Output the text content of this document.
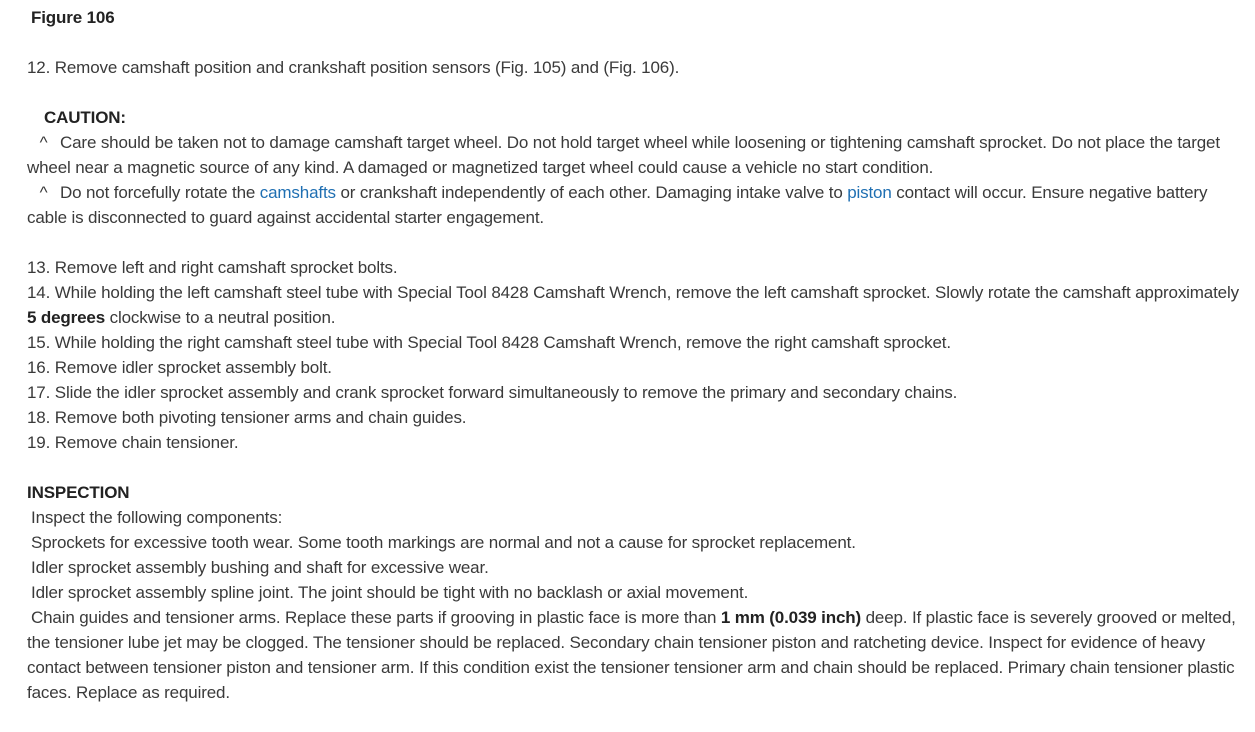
Figure 106

12. Remove camshaft position and crankshaft position sensors (Fig. 105) and (Fig. 106).

CAUTION:

^ Care should be taken not to damage camshaft target wheel. Do not hold target wheel while loosening or tightening camshaft sprocket. Do not place the target wheel near a magnetic source of any kind. A damaged or magnetized target wheel could cause a vehicle no start condition.

^ Do not forcefully rotate the camshafts or crankshaft independently of each other. Damaging intake valve to piston contact will occur. Ensure negative battery cable is disconnected to guard against accidental starter engagement.

13. Remove left and right camshaft sprocket bolts.

14. While holding the left camshaft steel tube with Special Tool 8428 Camshaft Wrench, remove the left camshaft sprocket. Slowly rotate the camshaft approximately 5 degrees clockwise to a neutral position.

15. While holding the right camshaft steel tube with Special Tool 8428 Camshaft Wrench, remove the right camshaft sprocket.

16. Remove idler sprocket assembly bolt.

17. Slide the idler sprocket assembly and crank sprocket forward simultaneously to remove the primary and secondary chains.

18. Remove both pivoting tensioner arms and chain guides.

19. Remove chain tensioner.

INSPECTION

Inspect the following components:

Sprockets for excessive tooth wear. Some tooth markings are normal and not a cause for sprocket replacement.

Idler sprocket assembly bushing and shaft for excessive wear.

Idler sprocket assembly spline joint. The joint should be tight with no backlash or axial movement.

Chain guides and tensioner arms. Replace these parts if grooving in plastic face is more than 1 mm (0.039 inch) deep. If plastic face is severely grooved or melted, the tensioner lube jet may be clogged. The tensioner should be replaced. Secondary chain tensioner piston and ratcheting device. Inspect for evidence of heavy contact between tensioner piston and tensioner arm. If this condition exist the tensioner tensioner arm and chain should be replaced. Primary chain tensioner plastic faces. Replace as required.
